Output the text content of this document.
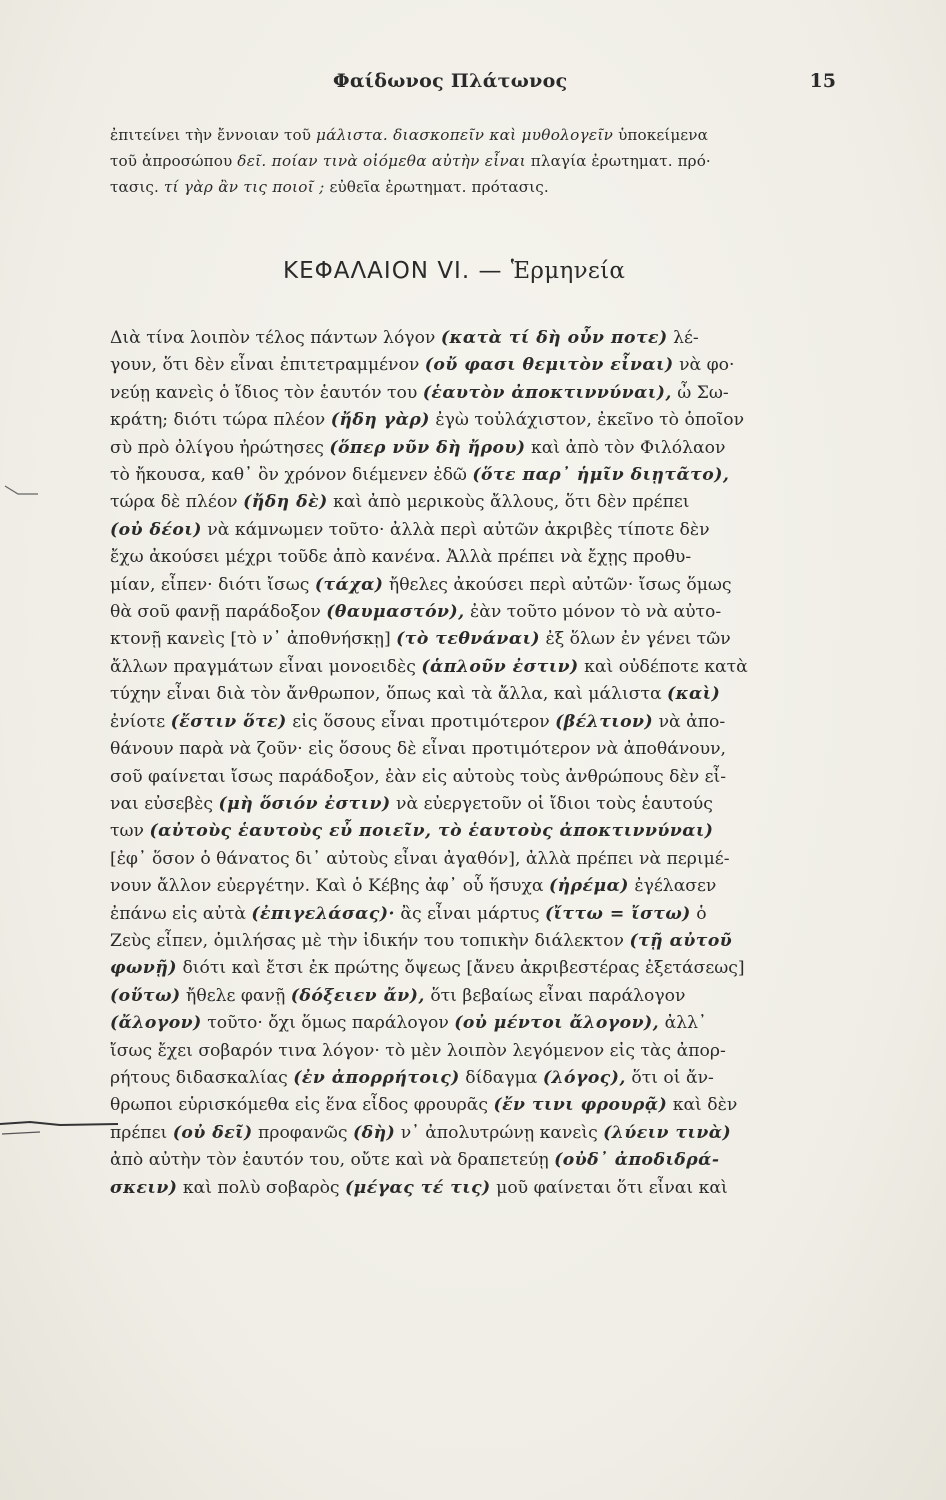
Φαίδωνος Πλάτωνος	15
ἐπιτείνει τὴν ἔννοιαν τοῦ μάλιστα. διασκοπεῖν καὶ μυθολογεῖν ὑποκείμενα
τοῦ ἀπροσώπου δεῖ. ποίαν τινὰ οἰόμεθα αὐτὴν εἶναι πλαγία ἐρωτηματ. πρό·
τασις. τί γὰρ ἂν τις ποιοῖ ; εὐθεῖα ἐρωτηματ. πρότασις.
ΚΕΦΑΛΑΙΟΝ VI. — Ἑρμηνεία
Διὰ τίνα λοιπὸν τέλος πάντων λόγον (κατὰ τί δὴ οὖν ποτε) λέ-
γουν, ὅτι δὲν εἶναι ἐπιτετραμμένον (οὔ φασι θεμιτὸν εἶναι) νὰ φο·
νεύῃ κανεὶς ὁ ἴδιος τὸν ἑαυτόν του (ἑαυτὸν ἀποκτιννύναι), ὦ Σω-
κράτη; διότι τώρα πλέον (ἤδη γὰρ) ἐγὼ τοὐλάχιστον, ἐκεῖνο τὸ ὁποῖον
σὺ πρὸ ὀλίγου ἠρώτησες (ὅπερ νῦν δὴ ἤρου) καὶ ἀπὸ τὸν Φιλόλαον
τὸ ἤκουσα, καθ᾽ ὃν χρόνον διέμενεν ἐδῶ (ὅτε παρ᾽ ἡμῖν διῃτᾶτο),
τώρα δὲ πλέον (ἤδη δὲ) καὶ ἀπὸ μερικοὺς ἄλλους, ὅτι δὲν πρέπει
(οὐ δέοι) νὰ κάμνωμεν τοῦτο· ἀλλὰ περὶ αὐτῶν ἀκριβὲς τίποτε δὲν
ἔχω ἀκούσει μέχρι τοῦδε ἀπὸ κανένα. Ἀλλὰ πρέπει νὰ ἔχῃς προθυ-
μίαν, εἶπεν· διότι ἴσως (τάχα) ἤθελες ἀκούσει περὶ αὐτῶν· ἴσως ὅμως
θὰ σοῦ φανῇ παράδοξον (θαυμαστόν), ἐὰν τοῦτο μόνον τὸ νὰ αὐτο-
κτονῇ κανεὶς [τὸ ν᾽ ἀποθνήσκῃ] (τὸ τεθνάναι) ἐξ ὅλων ἐν γένει τῶν
ἄλλων πραγμάτων εἶναι μονοειδὲς (ἁπλοῦν ἐστιν) καὶ οὐδέποτε κατὰ
τύχην εἶναι διὰ τὸν ἄνθρωπον, ὅπως καὶ τὰ ἄλλα, καὶ μάλιστα (καὶ)
ἐνίοτε (ἔστιν ὅτε) εἰς ὅσους εἶναι προτιμότερον (βέλτιον) νὰ ἀπο-
θάνουν παρὰ νὰ ζοῦν· εἰς ὅσους δὲ εἶναι προτιμότερον νὰ ἀποθάνουν,
σοῦ φαίνεται ἴσως παράδοξον, ἐὰν εἰς αὐτοὺς τοὺς ἀνθρώπους δὲν εἶ-
ναι εὐσεβὲς (μὴ ὅσιόν ἐστιν) νὰ εὐεργετοῦν οἱ ἴδιοι τοὺς ἑαυτούς
των (αὐτοὺς ἑαυτοὺς εὖ ποιεῖν, τὸ ἑαυτοὺς ἀποκτιννύναι)
[ἐφ᾽ ὅσον ὁ θάνατος δι᾽ αὐτοὺς εἶναι ἀγαθόν], ἀλλὰ πρέπει νὰ περιμέ-
νουν ἄλλον εὐεργέτην. Καὶ ὁ Κέβης ἀφ᾽ οὗ ἥσυχα (ἠρέμα) ἐγέλασεν
ἐπάνω εἰς αὐτὰ (ἐπιγελάσας)· ἂς εἶναι μάρτυς (ἴττω = ἴστω) ὁ
Ζεὺς εἶπεν, ὁμιλήσας μὲ τὴν ἰδικήν του τοπικὴν διάλεκτον (τῇ αὐτοῦ
φωνῇ) διότι καὶ ἔτσι ἐκ πρώτης ὄψεως [ἄνευ ἀκριβεστέρας ἐξετάσεως]
(οὕτω) ἤθελε φανῇ (δόξειεν ἄν), ὅτι βεβαίως εἶναι παράλογον
(ἄλογον) τοῦτο· ὄχι ὅμως παράλογον (οὐ μέντοι ἄλογον), ἀλλ᾽
ἴσως ἔχει σοβαρόν τινα λόγον· τὸ μὲν λοιπὸν λεγόμενον εἰς τὰς ἀπορ-
ρήτους διδασκαλίας (ἐν ἀπορρήτοις) δίδαγμα (λόγος), ὅτι οἱ ἄν-
θρωποι εὑρισκόμεθα εἰς ἕνα εἶδος φρουρᾶς (ἔν τινι φρουρᾷ) καὶ δὲν
πρέπει (οὐ δεῖ) προφανῶς (δὴ) ν᾽ ἀπολυτρώνῃ κανεὶς (λύειν τινὰ)
ἀπὸ αὐτὴν τὸν ἑαυτόν του, οὔτε καὶ νὰ δραπετεύῃ (οὐδ᾽ ἀποδιδρά-
σκειν) καὶ πολὺ σοβαρὸς (μέγας τέ τις) μοῦ φαίνεται ὅτι εἶναι καὶ
